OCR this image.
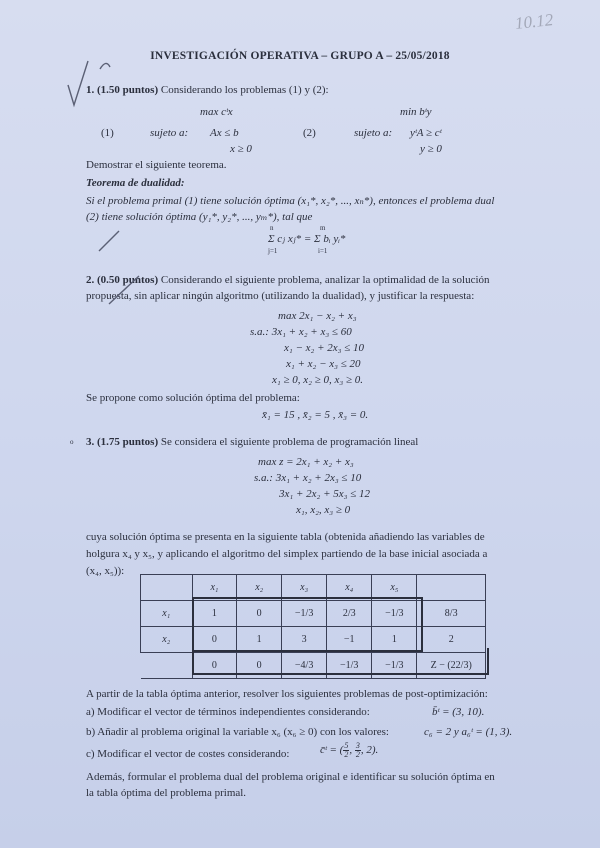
10.12
INVESTIGACIÓN OPERATIVA – GRUPO A – 25/05/2018
1. (1.50 puntos) Considerando los problemas (1) y (2):
max cᵗx	min bᵗy
(1)	sujeto a: Ax ≤ b
x ≥ 0
(2)	sujeto a: yᵗA ≥ cᵗ
y ≥ 0
Demostrar el siguiente teorema.
Teorema de dualidad:
Si el problema primal (1) tiene solución óptima (x₁*, x₂*, ..., xₙ*), entonces el problema dual
(2) tiene solución óptima (y₁*, y₂*, ..., yₘ*), tal que
Σ cⱼ xⱼ* = Σ bᵢ yᵢ*
n
j=1
m
i=1
2. (0.50 puntos) Considerando el siguiente problema, analizar la optimalidad de la solución
propuesta, sin aplicar ningún algoritmo (utilizando la dualidad), y justificar la respuesta:
max 2x₁ − x₂ + x₃
s.a.: 3x₁ + x₂ + x₃ ≤ 60
x₁ − x₂ + 2x₃ ≤ 10
x₁ + x₂ − x₃ ≤ 20
x₁ ≥ 0, x₂ ≥ 0, x₃ ≥ 0.
Se propone como solución óptima del problema:
x̄₁ = 15 , x̄₂ = 5 , x̄₃ = 0.
o 3. (1.75 puntos) Se considera el siguiente problema de programación lineal
max z = 2x₁ + x₂ + x₃
s.a.: 3x₁ + x₂ + 2x₃ ≤ 10
3x₁ + 2x₂ + 5x₃ ≤ 12
x₁, x₂, x₃ ≥ 0
cuya solución óptima se presenta en la siguiente tabla (obtenida añadiendo las variables de
holgura x₄ y x₅, y aplicando el algoritmo del simplex partiendo de la base inicial asociada a
(x₄, x₅)):
	x₁	x₂	x₃	x₄	x₅	
x₁	1	0	−1/3	2/3	−1/3	8/3
x₂	0	1	3	−1	1	2
	0	0	−4/3	−1/3	−1/3	Z − (22/3)
A partir de la tabla óptima anterior, resolver los siguientes problemas de post-optimización:
a) Modificar el vector de términos independientes considerando:	b̄ᵗ = (3, 10).
b) Añadir al problema original la variable x₆ (x₆ ≥ 0) con los valores:	c₆ = 2 y a₆ᵗ = (1, 3).
c) Modificar el vector de costes considerando:	c̄ᵗ = ( $\frac{5}{2}$ , $\frac{3}{2}$ , 2).
Además, formular el problema dual del problema original e identificar su solución óptima en
la tabla óptima del problema primal.
